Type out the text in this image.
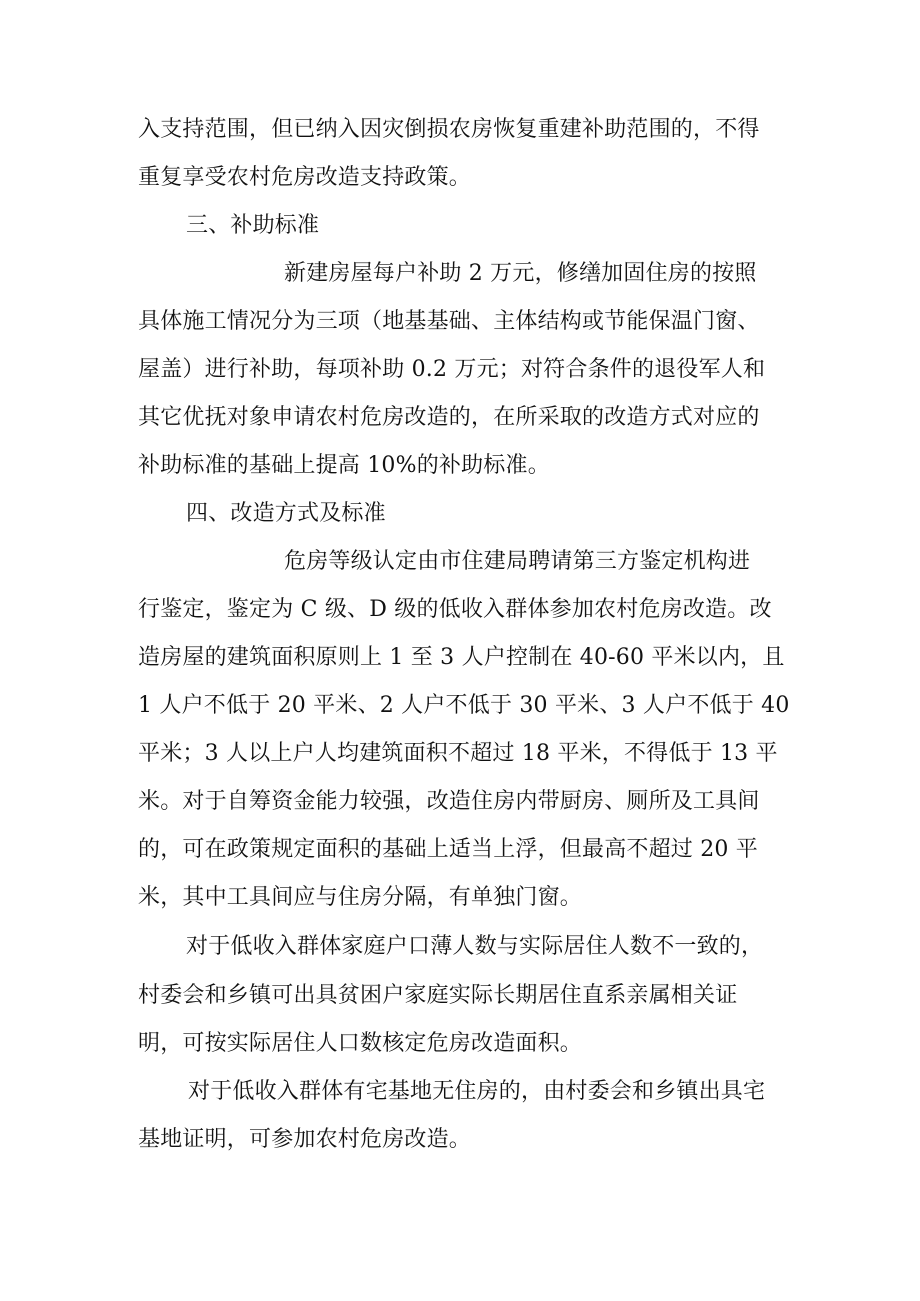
入支持范围，但已纳入因灾倒损农房恢复重建补助范围的，不得
重复享受农村危房改造支持政策。
三、补助标准
新建房屋每户补助 2 万元，修缮加固住房的按照
具体施工情况分为三项（地基基础、主体结构或节能保温门窗、
屋盖）进行补助，每项补助 0.2 万元；对符合条件的退役军人和
其它优抚对象申请农村危房改造的，在所采取的改造方式对应的
补助标准的基础上提高 10%的补助标准。
四、改造方式及标准
危房等级认定由市住建局聘请第三方鉴定机构进
行鉴定，鉴定为 C 级、D 级的低收入群体参加农村危房改造。改
造房屋的建筑面积原则上 1 至 3 人户控制在 40-60 平米以内，且
1 人户不低于 20 平米、2 人户不低于 30 平米、3 人户不低于 40
平米；3 人以上户人均建筑面积不超过 18 平米，不得低于 13 平
米。对于自筹资金能力较强，改造住房内带厨房、厕所及工具间
的，可在政策规定面积的基础上适当上浮，但最高不超过 20 平
米，其中工具间应与住房分隔，有单独门窗。
对于低收入群体家庭户口薄人数与实际居住人数不一致的，
村委会和乡镇可出具贫困户家庭实际长期居住直系亲属相关证
明，可按实际居住人口数核定危房改造面积。
对于低收入群体有宅基地无住房的，由村委会和乡镇出具宅
基地证明，可参加农村危房改造。
